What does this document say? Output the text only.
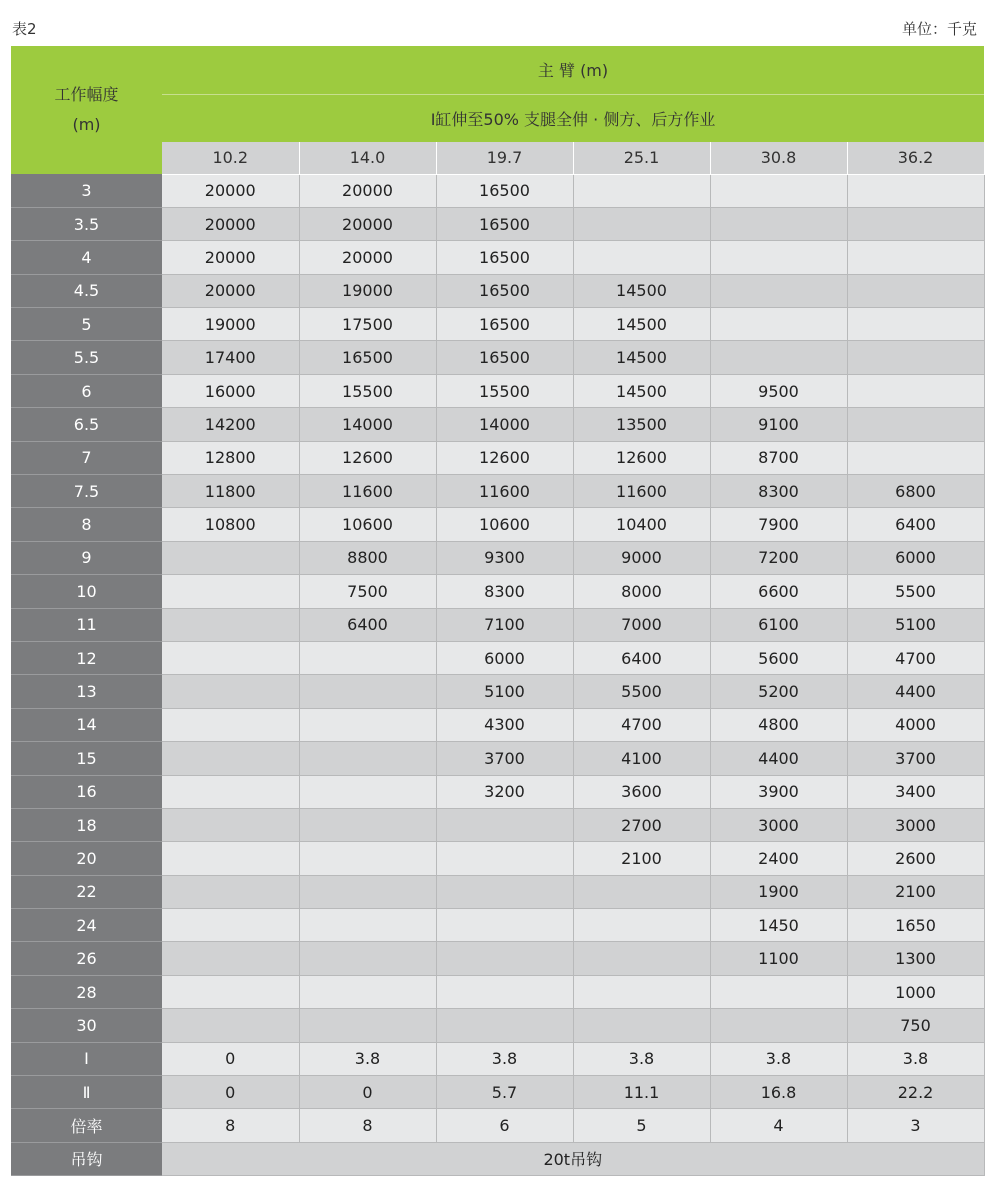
表2	单位：千克
工作幅度
(m)	主 臂 (m)					
	Ⅰ缸伸至50% 支腿全伸 · 侧方、后方作业					
	10.2	14.0	19.7	25.1	30.8	36.2
3	20000	20000	16500			
3.5	20000	20000	16500			
4	20000	20000	16500			
4.5	20000	19000	16500	14500		
5	19000	17500	16500	14500		
5.5	17400	16500	16500	14500		
6	16000	15500	15500	14500	9500	
6.5	14200	14000	14000	13500	9100	
7	12800	12600	12600	12600	8700	
7.5	11800	11600	11600	11600	8300	6800
8	10800	10600	10600	10400	7900	6400
9		8800	9300	9000	7200	6000
10		7500	8300	8000	6600	5500
11		6400	7100	7000	6100	5100
12			6000	6400	5600	4700
13			5100	5500	5200	4400
14			4300	4700	4800	4000
15			3700	4100	4400	3700
16			3200	3600	3900	3400
18				2700	3000	3000
20				2100	2400	2600
22					1900	2100
24					1450	1650
26					1100	1300
28						1000
30						750
Ⅰ	0	3.8	3.8	3.8	3.8	3.8
Ⅱ	0	0	5.7	11.1	16.8	22.2
倍率	8	8	6	5	4	3
吊钩	20t吊钩					
